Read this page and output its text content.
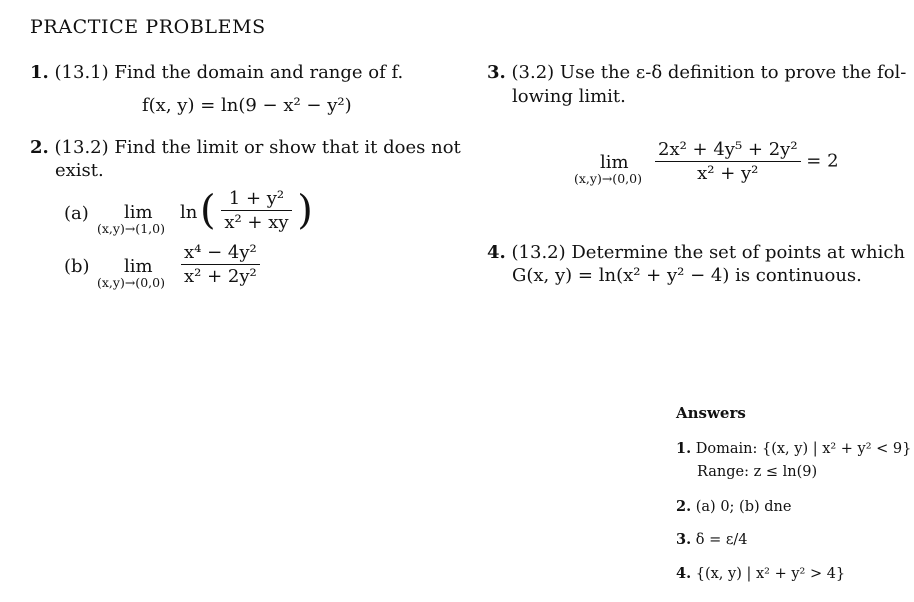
PRACTICE PROBLEMS
1. (13.1) Find the domain and range of f.
f(x, y) = ln(9 − x² − y²)
2. (13.2) Find the limit or show that it does not
exist.
(a) lim
(x,y)→(1,0)
ln ( $\frac{\text{1 + y²}}{\text{x² + xy}}$ )
(b) lim
$(x,y)\to(0,0) \frac{\text{x⁴ − 4y²}}{\text{x² + 2y²}}$
3. (3.2) Use the ε-δ definition to prove the fol-
lowing limit.
lim
$(x,y)\to(0,0) \frac{\text{2x² + 4y⁵ + 2y²}}{\text{x² + y²}} = 2$
4. (13.2) Determine the set of points at which
G(x, y) = ln(x² + y² − 4) is continuous.
Answers
1. Domain: {(x, y) | x² + y² < 9}
Range: z ≤ ln(9)
2. (a) 0; (b) dne
3. δ = ε/4
4. {(x, y) | x² + y² > 4}
